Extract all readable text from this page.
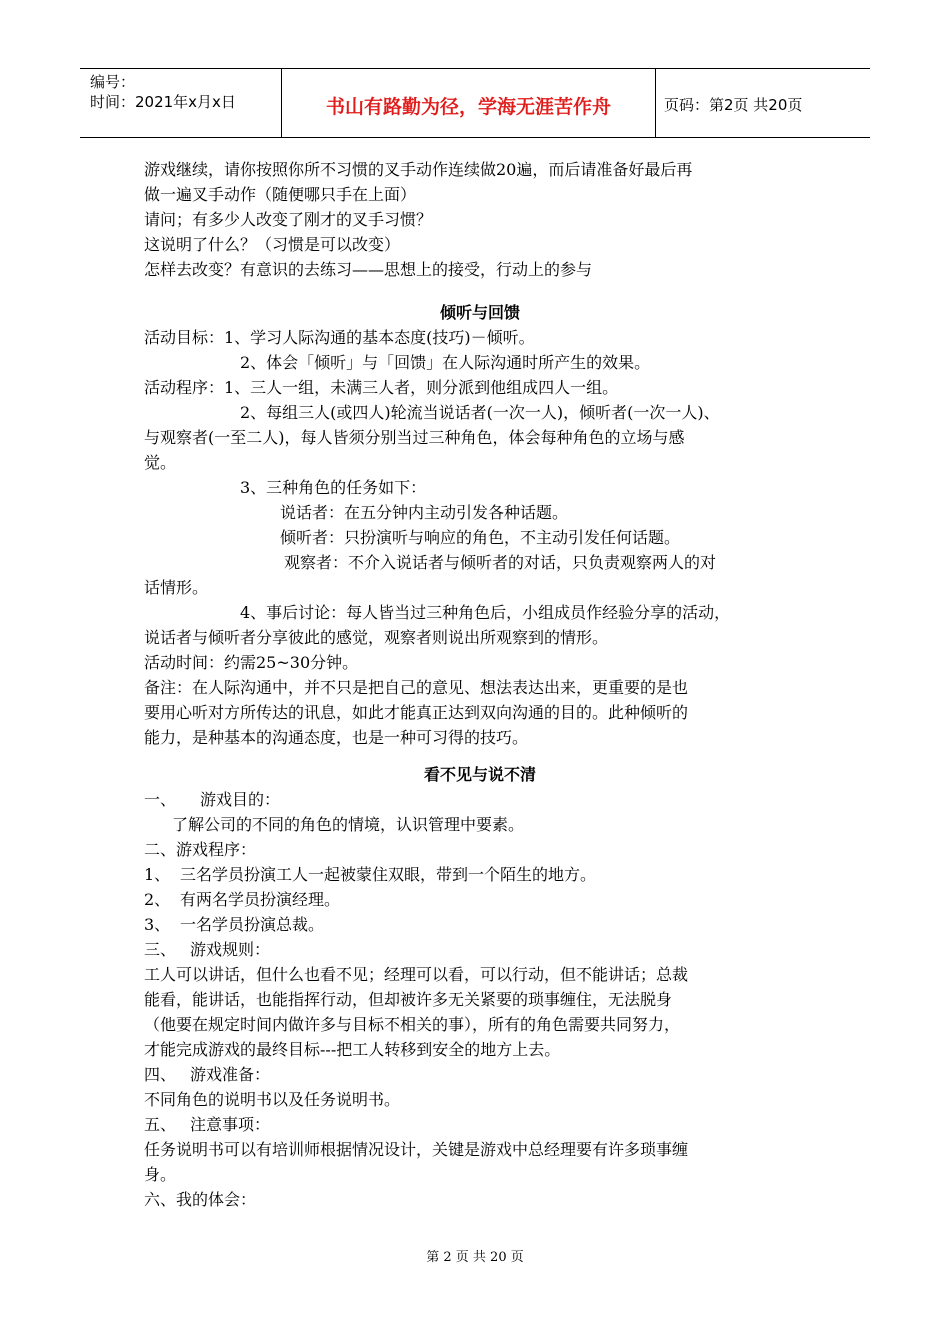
编号：
时间：2021年x月x日	书山有路勤为径，学海无涯苦作舟	页码：第2页 共20页
游戏继续，请你按照你所不习惯的叉手动作连续做20遍，而后请准备好最后再
做一遍叉手动作（随便哪只手在上面）
请问；有多少人改变了刚才的叉手习惯？
这说明了什么？（习惯是可以改变）
怎样去改变？有意识的去练习——思想上的接受，行动上的参与
倾听与回馈
活动目标：1、学习人际沟通的基本态度(技巧)－倾听。
2、体会「倾听」与「回馈」在人际沟通时所产生的效果。
活动程序：1、三人一组，未满三人者，则分派到他组成四人一组。
2、每组三人(或四人)轮流当说话者(一次一人)，倾听者(一次一人)、
与观察者(一至二人)，每人皆须分别当过三种角色，体会每种角色的立场与感
觉。
3、三种角色的任务如下：
说话者：在五分钟内主动引发各种话题。
倾听者：只扮演听与响应的角色，不主动引发任何话题。
观察者：不介入说话者与倾听者的对话，只负责观察两人的对
话情形。
4、事后讨论：每人皆当过三种角色后，小组成员作经验分享的活动，
说话者与倾听者分享彼此的感觉，观察者则说出所观察到的情形。
活动时间：约需25~30分钟。
备注：在人际沟通中，并不只是把自己的意见、想法表达出来，更重要的是也
要用心听对方所传达的讯息，如此才能真正达到双向沟通的目的。此种倾听的
能力，是种基本的沟通态度，也是一种可习得的技巧。
看不见与说不清
一、 游戏目的：
了解公司的不同的角色的情境，认识管理中要素。
二、游戏程序：
1、 三名学员扮演工人一起被蒙住双眼，带到一个陌生的地方。
2、 有两名学员扮演经理。
3、 一名学员扮演总裁。
三、 游戏规则：
工人可以讲话，但什么也看不见；经理可以看，可以行动，但不能讲话；总裁
能看，能讲话，也能指挥行动，但却被许多无关紧要的琐事缠住，无法脱身
（他要在规定时间内做许多与目标不相关的事），所有的角色需要共同努力，
才能完成游戏的最终目标---把工人转移到安全的地方上去。
四、 游戏准备：
不同角色的说明书以及任务说明书。
五、 注意事项：
任务说明书可以有培训师根据情况设计，关键是游戏中总经理要有许多琐事缠
身。
六、我的体会：
第 2 页 共 20 页
